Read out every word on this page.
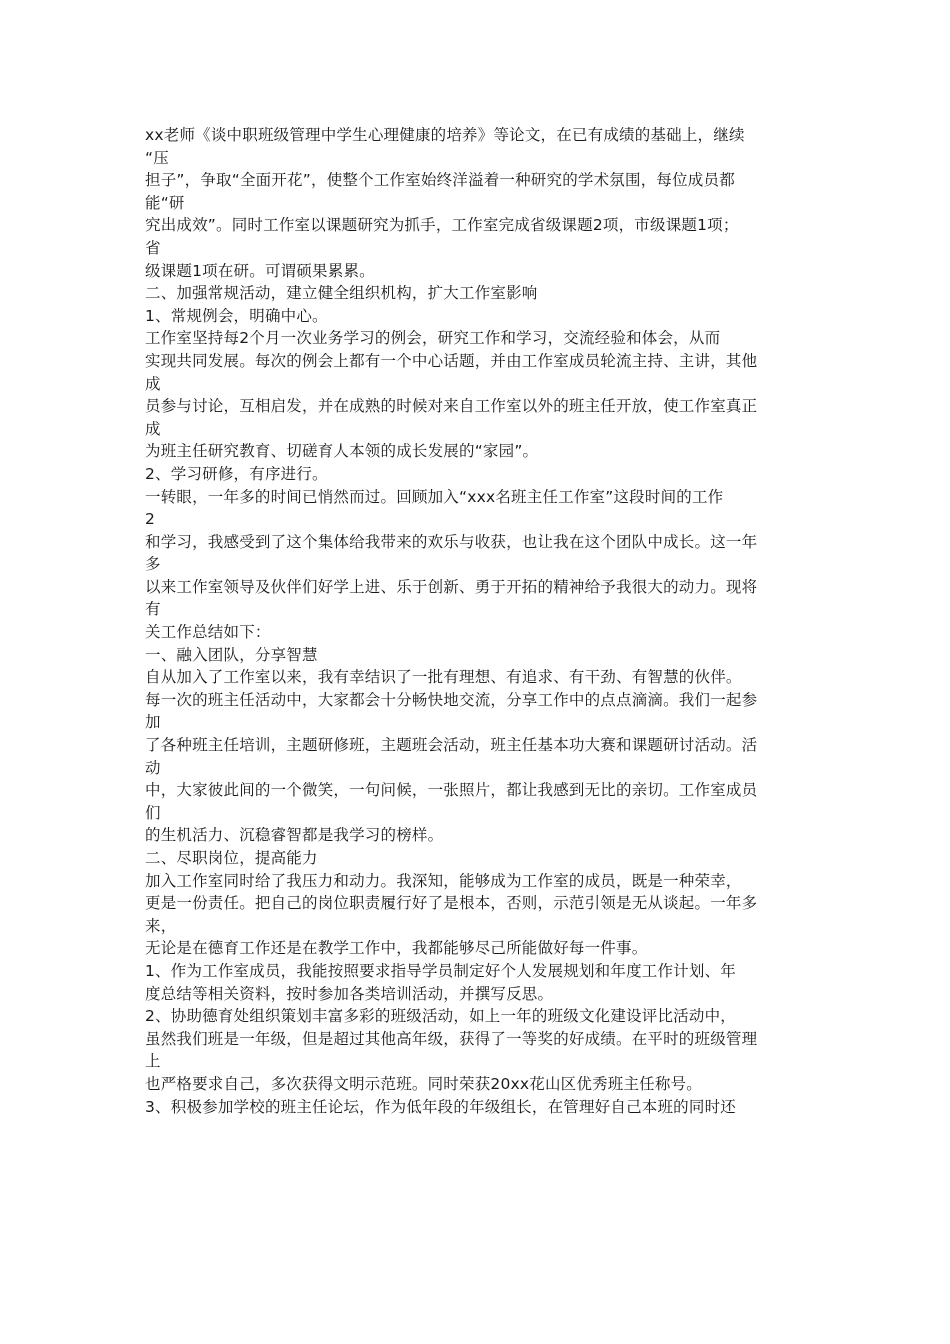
xx老师《谈中职班级管理中学生心理健康的培养》等论文，在已有成绩的基础上，继续

“压

担子”，争取“全面开花”，使整个工作室始终洋溢着一种研究的学术氛围，每位成员都

能“研

究出成效”。同时工作室以课题研究为抓手，工作室完成省级课题2项，市级课题1项；

省

级课题1项在研。可谓硕果累累。

二、加强常规活动，建立健全组织机构，扩大工作室影响

1、常规例会，明确中心。

工作室坚持每2个月一次业务学习的例会，研究工作和学习，交流经验和体会，从而

实现共同发展。每次的例会上都有一个中心话题，并由工作室成员轮流主持、主讲，其他

成

员参与讨论，互相启发，并在成熟的时候对来自工作室以外的班主任开放，使工作室真正

成

为班主任研究教育、切磋育人本领的成长发展的“家园”。

2、学习研修，有序进行。

一转眼，一年多的时间已悄然而过。回顾加入“xxx名班主任工作室”这段时间的工作

2

和学习，我感受到了这个集体给我带来的欢乐与收获，也让我在这个团队中成长。这一年

多

以来工作室领导及伙伴们好学上进、乐于创新、勇于开拓的精神给予我很大的动力。现将

有

关工作总结如下：

一、融入团队，分享智慧

自从加入了工作室以来，我有幸结识了一批有理想、有追求、有干劲、有智慧的伙伴。

每一次的班主任活动中，大家都会十分畅快地交流，分享工作中的点点滴滴。我们一起参

加

了各种班主任培训，主题研修班，主题班会活动，班主任基本功大赛和课题研讨活动。活

动

中，大家彼此间的一个微笑，一句问候，一张照片，都让我感到无比的亲切。工作室成员

们

的生机活力、沉稳睿智都是我学习的榜样。

二、尽职岗位，提高能力

加入工作室同时给了我压力和动力。我深知，能够成为工作室的成员，既是一种荣幸，

更是一份责任。把自己的岗位职责履行好了是根本，否则，示范引领是无从谈起。一年多

来，

无论是在德育工作还是在教学工作中，我都能够尽己所能做好每一件事。

1、作为工作室成员，我能按照要求指导学员制定好个人发展规划和年度工作计划、年

度总结等相关资料，按时参加各类培训活动，并撰写反思。

2、协助德育处组织策划丰富多彩的班级活动，如上一年的班级文化建设评比活动中，

虽然我们班是一年级，但是超过其他高年级，获得了一等奖的好成绩。在平时的班级管理

上

也严格要求自己，多次获得文明示范班。同时荣获20xx花山区优秀班主任称号。

3、积极参加学校的班主任论坛，作为低年段的年级组长，在管理好自己本班的同时还
